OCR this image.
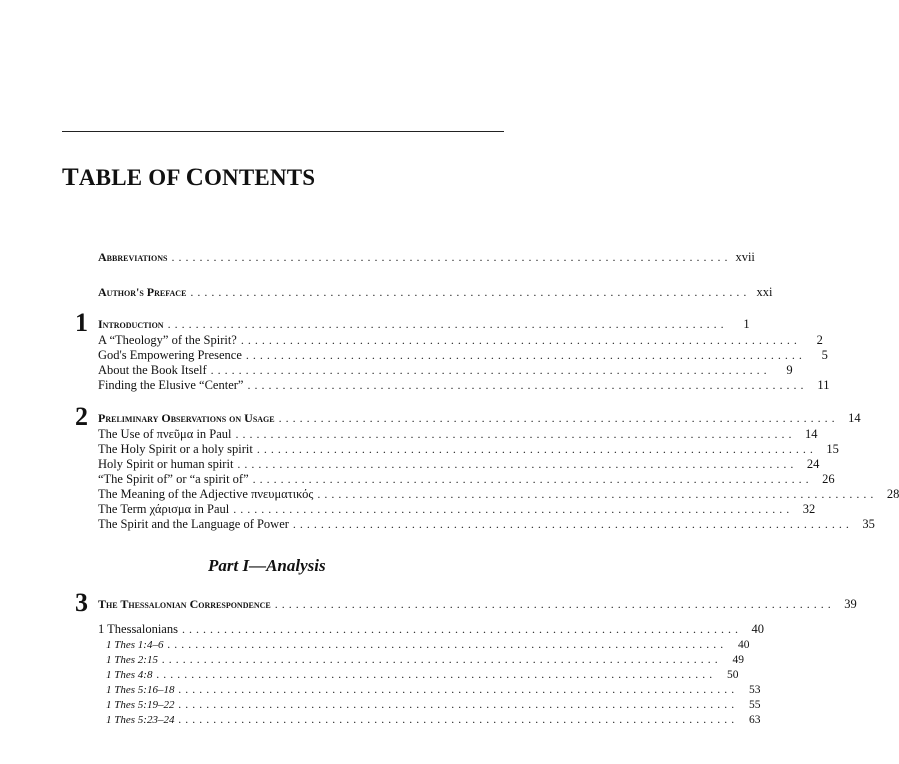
TABLE OF CONTENTS
Abbreviations ................................................................................ xvii
Author's Preface ................................................................................ xxi
1 Introduction ................................................................................	1
A “Theology” of the Spirit? ................................................................................	2
God's Empowering Presence ................................................................................	5
About the Book Itself ................................................................................	9
Finding the Elusive “Center” ................................................................................ 11
2 Preliminary Observations on Usage ................................................................................ 14
The Use of πνεῦμα in Paul ................................................................................ 14
The Holy Spirit or a holy spirit ................................................................................ 15
Holy Spirit or human spirit ................................................................................ 24
“The Spirit of” or “a spirit of” ................................................................................ 26
The Meaning of the Adjective πνευματικός ................................................................................ 28
The Term χάρισμα in Paul ................................................................................ 32
The Spirit and the Language of Power ................................................................................ 35
Part I—Analysis
3 The Thessalonian Correspondence ................................................................................ 39
1 Thessalonians ................................................................................ 40
1 Thes 1:4–6 ................................................................................ 40
1 Thes 2:15 ................................................................................ 49
1 Thes 4:8 ................................................................................ 50
1 Thes 5:16–18 ................................................................................ 53
1 Thes 5:19–22 ................................................................................ 55
1 Thes 5:23–24 ................................................................................ 63
